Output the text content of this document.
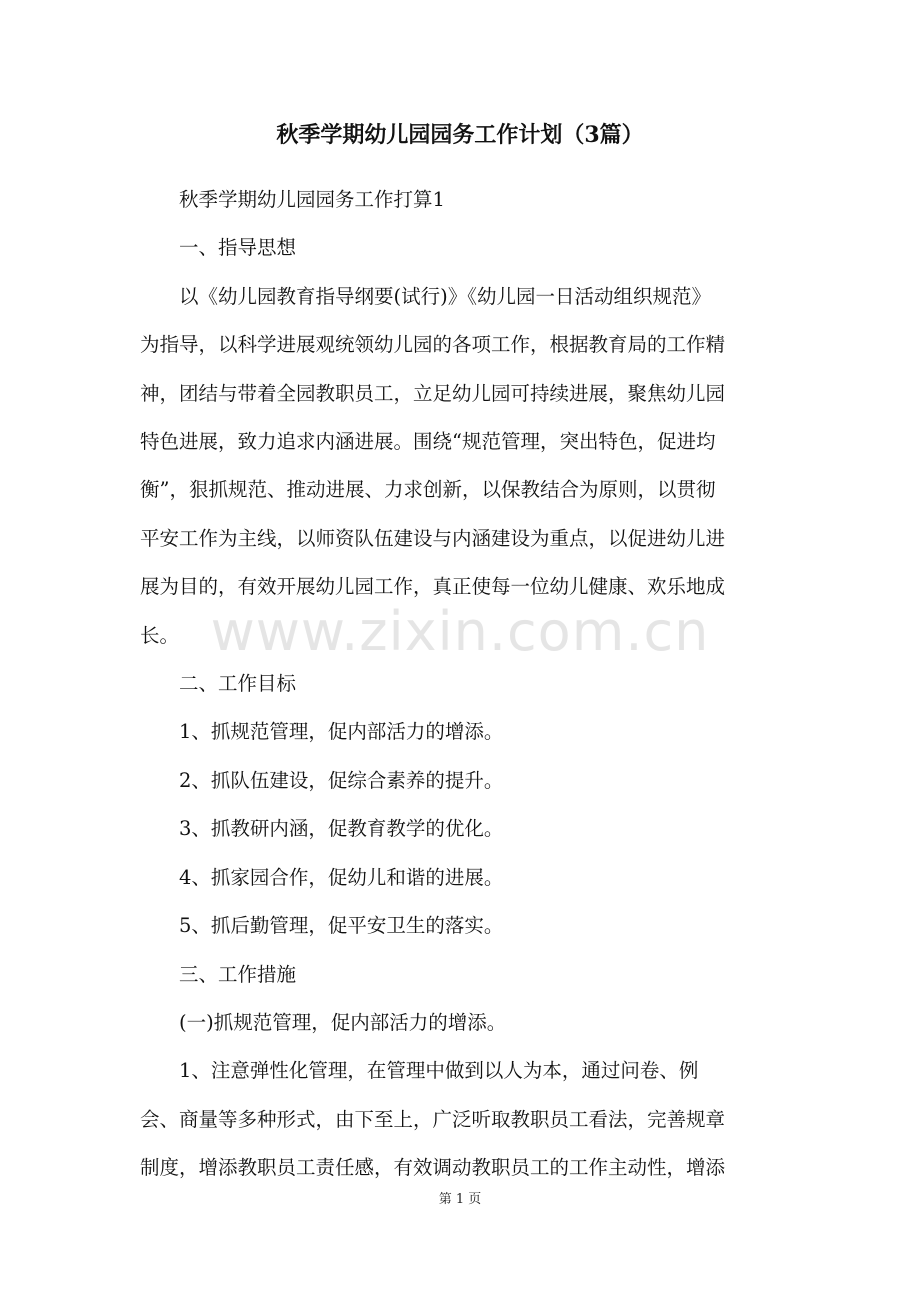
秋季学期幼儿园园务工作计划（3篇）

秋季学期幼儿园园务工作打算1

一、指导思想

以《幼儿园教育指导纲要(试行)》《幼儿园一日活动组织规范》
为指导，以科学进展观统领幼儿园的各项工作，根据教育局的工作精
神，团结与带着全园教职员工，立足幼儿园可持续进展，聚焦幼儿园
特色进展，致力追求内涵进展。围绕“规范管理，突出特色，促进均
衡”，狠抓规范、推动进展、力求创新，以保教结合为原则，以贯彻
平安工作为主线，以师资队伍建设与内涵建设为重点，以促进幼儿进
展为目的，有效开展幼儿园工作，真正使每一位幼儿健康、欢乐地成
长。

二、工作目标

1、抓规范管理，促内部活力的增添。

2、抓队伍建设，促综合素养的提升。

3、抓教研内涵，促教育教学的优化。

4、抓家园合作，促幼儿和谐的进展。

5、抓后勤管理，促平安卫生的落实。

三、工作措施

(一)抓规范管理，促内部活力的增添。

1、注意弹性化管理，在管理中做到以人为本，通过问卷、例
会、商量等多种形式，由下至上，广泛听取教职员工看法，完善规章
制度，增添教职员工责任感，有效调动教职员工的工作主动性，增添
www.zixin.com.cn
第 1 页
